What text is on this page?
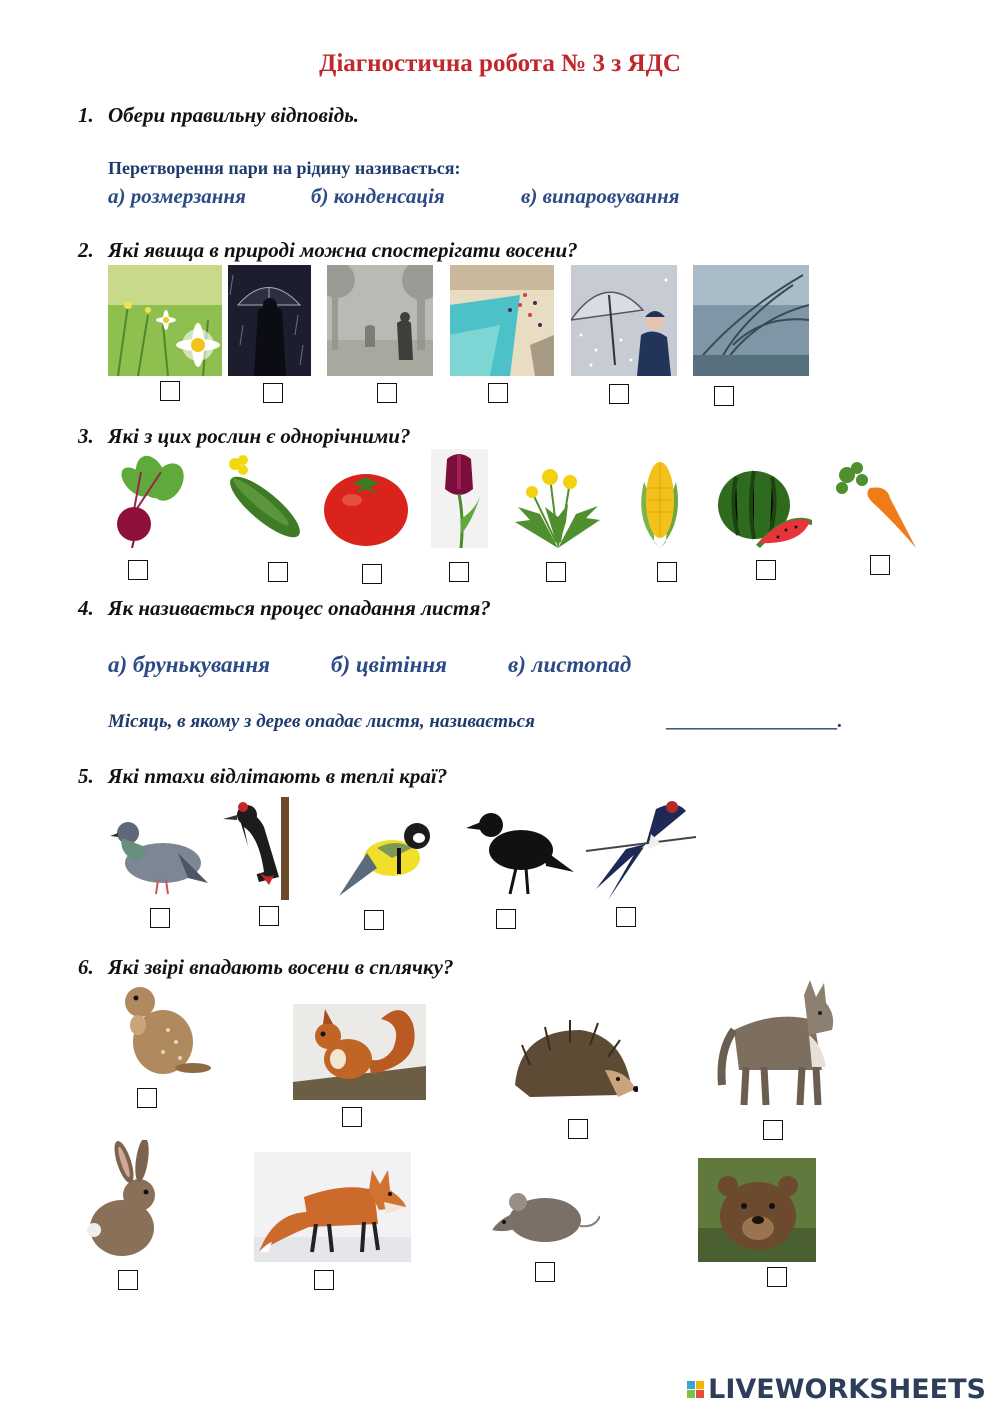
Діагностична робота № 3 з ЯДС
1. Обери правильну відповідь.
Перетворення пари на рідину називається:
а) розмерзання	б) конденсація	в) випаровування
2. Які явища в природі можна спостерігати восени?
3. Які з цих рослин є однорічними?
4. Як називається процес опадання листя?
а) брунькування	б) цвітіння	в) листопад
Місяць, в якому з дерев опадає листя, називається	__________________.
5. Які птахи відлітають в теплі краї?
6. Які звірі впадають восени в сплячку?
LIVEWORKSHEETS
